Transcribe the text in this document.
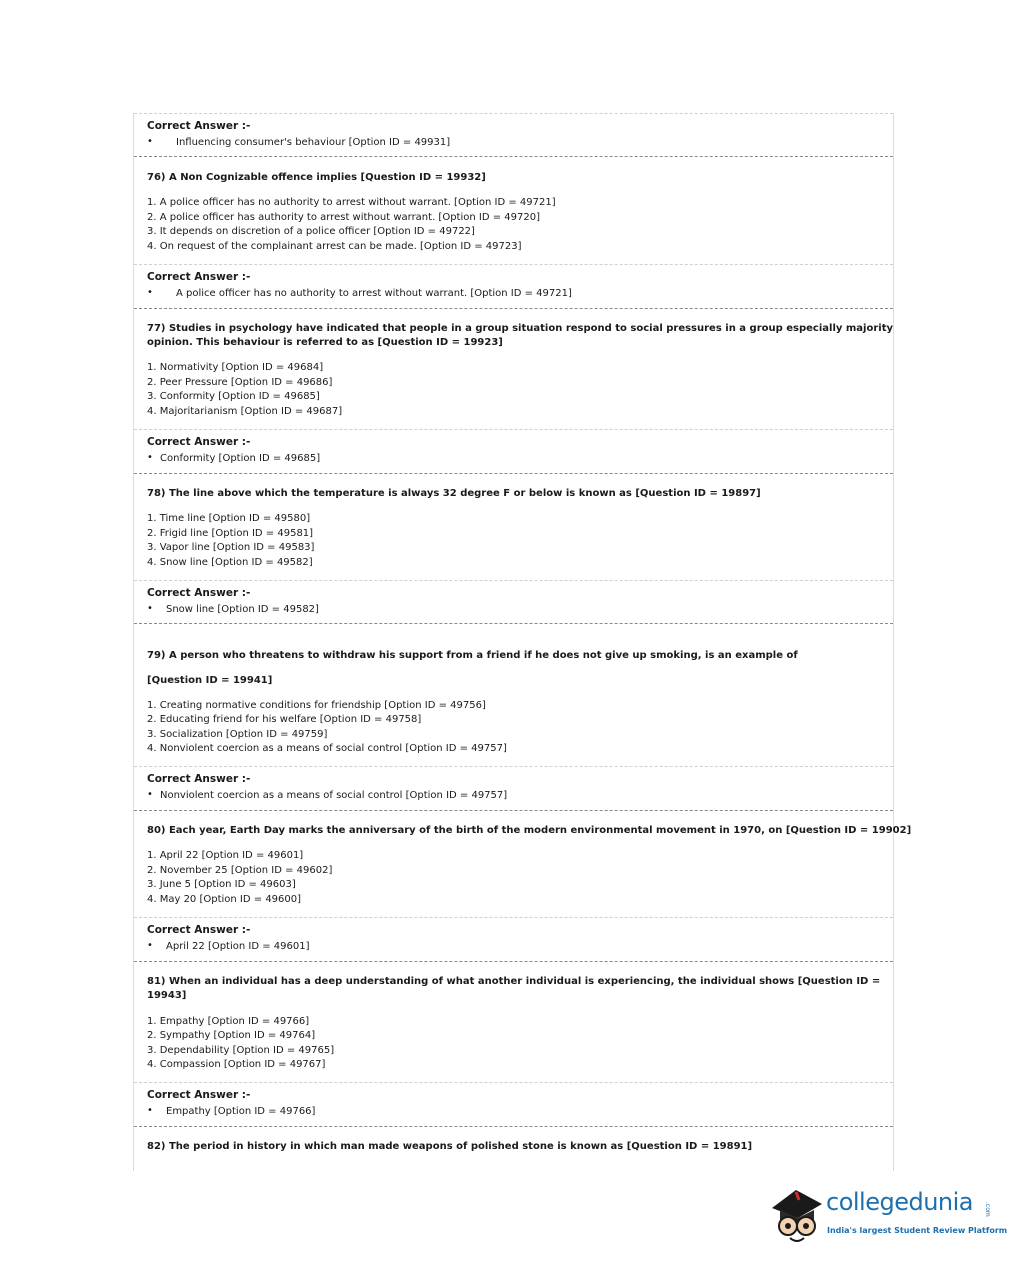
Correct Answer :-
• Influencing consumer's behaviour [Option ID = 49931]
76) A Non Cognizable offence implies [Question ID = 19932]
1. A police officer has no authority to arrest without warrant. [Option ID = 49721]
2. A police officer has authority to arrest without warrant. [Option ID = 49720]
3. It depends on discretion of a police officer [Option ID = 49722]
4. On request of the complainant arrest can be made. [Option ID = 49723]
Correct Answer :-
• A police officer has no authority to arrest without warrant. [Option ID = 49721]
77) Studies in psychology have indicated that people in a group situation respond to social pressures in a group especially majority
opinion. This behaviour is referred to as [Question ID = 19923]
1. Normativity [Option ID = 49684]
2. Peer Pressure [Option ID = 49686]
3. Conformity [Option ID = 49685]
4. Majoritarianism [Option ID = 49687]
Correct Answer :-
• Conformity [Option ID = 49685]
78) The line above which the temperature is always 32 degree F or below is known as [Question ID = 19897]
1. Time line [Option ID = 49580]
2. Frigid line [Option ID = 49581]
3. Vapor line [Option ID = 49583]
4. Snow line [Option ID = 49582]
Correct Answer :-
• Snow line [Option ID = 49582]
79) A person who threatens to withdraw his support from a friend if he does not give up smoking, is an example of
[Question ID = 19941]
1. Creating normative conditions for friendship [Option ID = 49756]
2. Educating friend for his welfare [Option ID = 49758]
3. Socialization [Option ID = 49759]
4. Nonviolent coercion as a means of social control [Option ID = 49757]
Correct Answer :-
• Nonviolent coercion as a means of social control [Option ID = 49757]
80) Each year, Earth Day marks the anniversary of the birth of the modern environmental movement in 1970, on [Question ID = 19902]
1. April 22 [Option ID = 49601]
2. November 25 [Option ID = 49602]
3. June 5 [Option ID = 49603]
4. May 20 [Option ID = 49600]
Correct Answer :-
• April 22 [Option ID = 49601]
81) When an individual has a deep understanding of what another individual is experiencing, the individual shows [Question ID =
19943]
1. Empathy [Option ID = 49766]
2. Sympathy [Option ID = 49764]
3. Dependability [Option ID = 49765]
4. Compassion [Option ID = 49767]
Correct Answer :-
• Empathy [Option ID = 49766]
82) The period in history in which man made weapons of polished stone is known as [Question ID = 19891]
collegedunia .com
India's largest Student Review Platform
